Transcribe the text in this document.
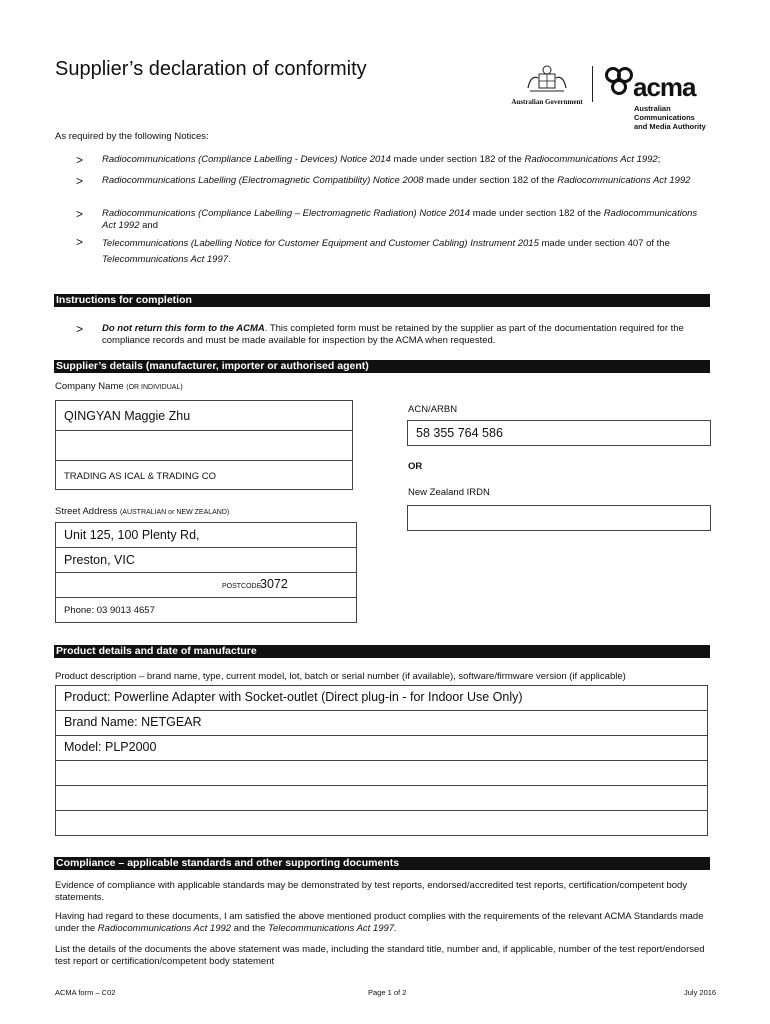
Supplier’s declaration of conformity
Australian Government acma
Australian
Communications
and Media Authority
As required by the following Notices:
> Radiocommunications (Compliance Labelling - Devices) Notice 2014 made under section 182 of the Radiocommunications Act 1992;
> Radiocommunications Labelling (Electromagnetic Compatibility) Notice 2008 made under section 182 of the Radiocommunications Act 1992
> Radiocommunications (Compliance Labelling – Electromagnetic Radiation) Notice 2014 made under section 182 of the Radiocommunications Act 1992 and
> Telecommunications (Labelling Notice for Customer Equipment and Customer Cabling) Instrument 2015 made under section 407 of the Telecommunications Act 1997.
Instructions for completion
> Do not return this form to the ACMA. This completed form must be retained by the supplier as part of the documentation required for the compliance records and must be made available for inspection by the ACMA when requested.
Supplier’s details (manufacturer, importer or authorised agent)
Company Name (OR INDIVIDUAL)
QINGYAN Maggie Zhu
TRADING AS ICAL & TRADING CO
ACN/ARBN
58 355 764 586
OR
New Zealand IRDN
Street Address (AUSTRALIAN or NEW ZEALAND)
Unit 125, 100 Plenty Rd,
Preston, VIC
POSTCODE
3072
Phone: 03 9013 4657
Product details and date of manufacture
Product description – brand name, type, current model, lot, batch or serial number (if available), software/firmware version (if applicable)
Product: Powerline Adapter with Socket-outlet (Direct plug-in - for Indoor Use Only)
Brand Name: NETGEAR
Model: PLP2000
Compliance – applicable standards and other supporting documents
Evidence of compliance with applicable standards may be demonstrated by test reports, endorsed/accredited test reports, certification/competent body statements.
Having had regard to these documents, I am satisfied the above mentioned product complies with the requirements of the relevant ACMA Standards made under the Radiocommunications Act 1992 and the Telecommunications Act 1997.
List the details of the documents the above statement was made, including the standard title, number and, if applicable, number of the test report/endorsed test report or certification/competent body statement
ACMA form – C02	Page 1 of 2	July 2016
